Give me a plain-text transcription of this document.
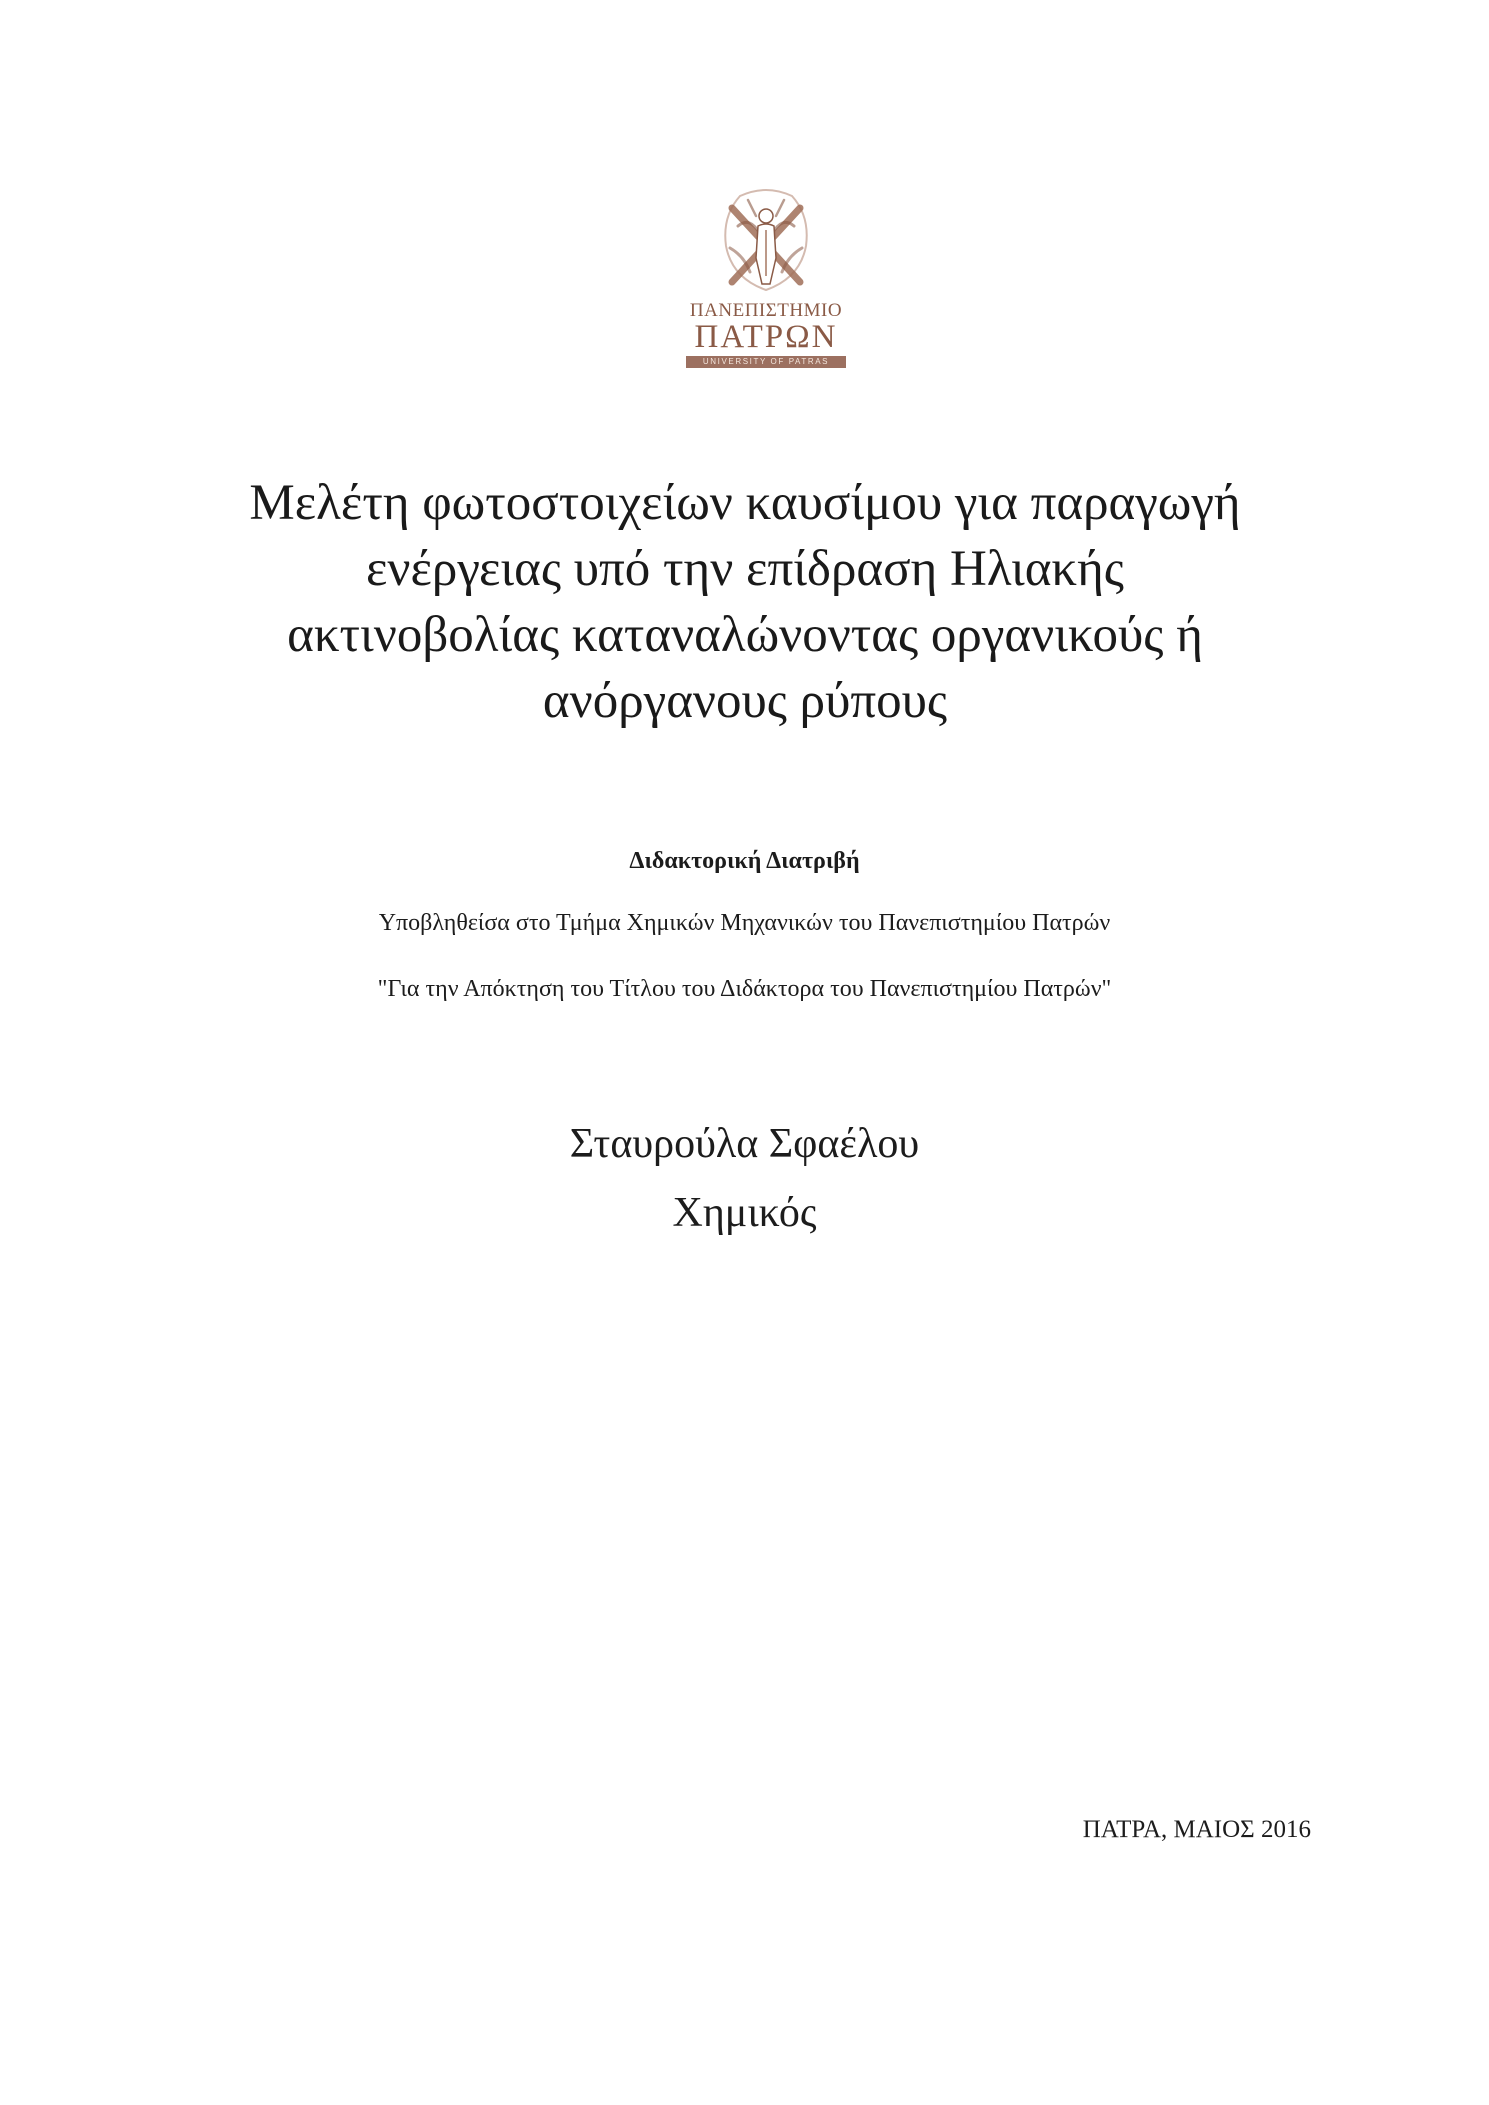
ΠΑΝΕΠΙΣΤΗΜΙΟ
ΠΑΤΡΩΝ
UNIVERSITY OF PATRAS
Μελέτη φωτοστοιχείων καυσίμου για παραγωγή
ενέργειας υπό την επίδραση Ηλιακής
ακτινοβολίας καταναλώνοντας οργανικούς ή
ανόργανους ρύπους
Διδακτορική Διατριβή
Υποβληθείσα στο Τμήμα Χημικών Μηχανικών του Πανεπιστημίου Πατρών
"Για την Απόκτηση του Τίτλου του Διδάκτορα του Πανεπιστημίου Πατρών"
Σταυρούλα Σφαέλου
Χημικός
ΠΑΤΡΑ, ΜΑΙΟΣ 2016
